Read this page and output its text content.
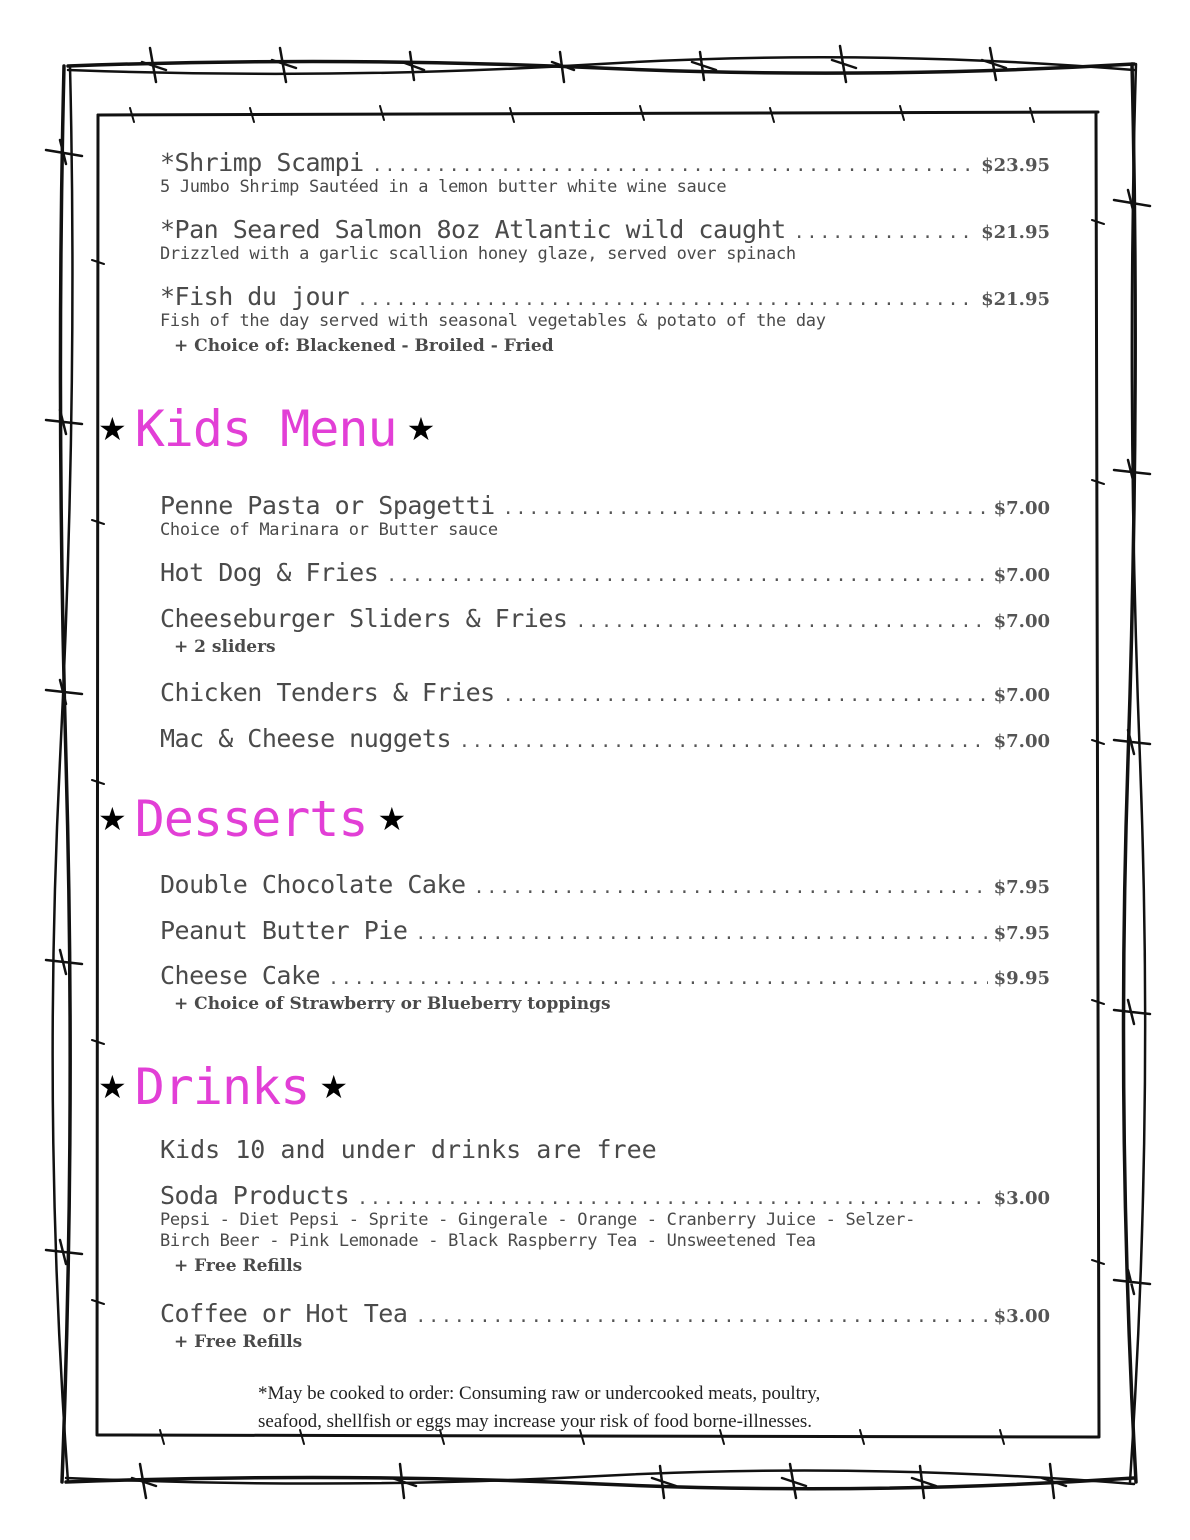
*Shrimp Scampi .....	$23.95
5 Jumbo Shrimp Sautéed in a lemon butter white wine sauce
*Pan Seared Salmon 8oz Atlantic wild caught .....	$21.95
Drizzled with a garlic scallion honey glaze, served over spinach
*Fish du jour .....	$21.95
Fish of the day served with seasonal vegetables & potato of the day
+ Choice of: Blackened - Broiled - Fried
★ Kids Menu ★
Penne Pasta or Spagetti .....	$7.00
Choice of Marinara or Butter sauce
Hot Dog & Fries .....	$7.00
Cheeseburger Sliders & Fries .....	$7.00
+ 2 sliders
Chicken Tenders & Fries .....	$7.00
Mac & Cheese nuggets .....	$7.00
★ Desserts ★
Double Chocolate Cake .....	$7.95
Peanut Butter Pie .....	$7.95
Cheese Cake .....	$9.95
+ Choice of Strawberry or Blueberry toppings
★ Drinks ★
Kids 10 and under drinks are free
Soda Products .....	$3.00
Pepsi - Diet Pepsi - Sprite - Gingerale - Orange - Cranberry Juice - Selzer-
Birch Beer - Pink Lemonade - Black Raspberry Tea - Unsweetened Tea
+ Free Refills
Coffee or Hot Tea .....	$3.00
+ Free Refills
*May be cooked to order: Consuming raw or undercooked meats, poultry,
seafood, shellfish or eggs may increase your risk of food borne-illnesses.
